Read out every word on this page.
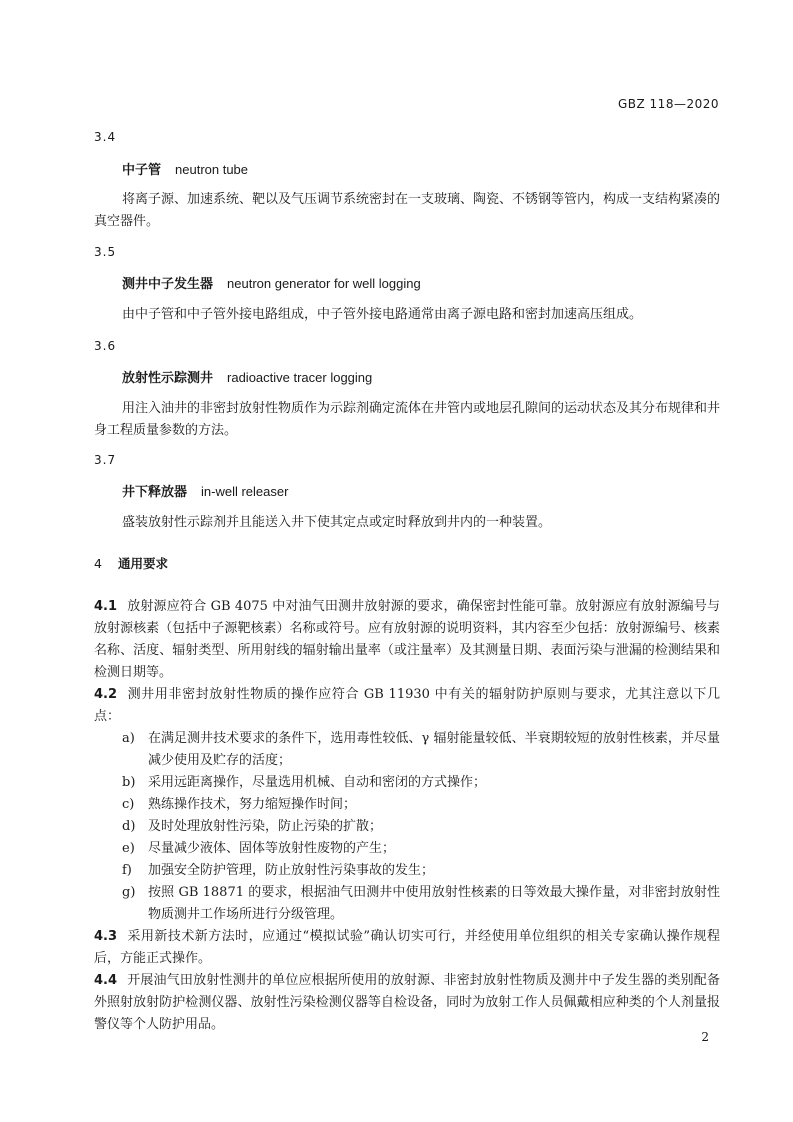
GBZ 118—2020
3.4
中子管 neutron tube
将离子源、加速系统、靶以及气压调节系统密封在一支玻璃、陶瓷、不锈钢等管内，构成一支结构紧凑的真空器件。
3.5
测井中子发生器 neutron generator for well logging
由中子管和中子管外接电路组成，中子管外接电路通常由离子源电路和密封加速高压组成。
3.6
放射性示踪测井 radioactive tracer logging
用注入油井的非密封放射性物质作为示踪剂确定流体在井管内或地层孔隙间的运动状态及其分布规律和井身工程质量参数的方法。
3.7
井下释放器 in-well releaser
盛装放射性示踪剂并且能送入井下使其定点或定时释放到井内的一种装置。
4 通用要求
4.1 放射源应符合 GB 4075 中对油气田测井放射源的要求，确保密封性能可靠。放射源应有放射源编号与放射源核素（包括中子源靶核素）名称或符号。应有放射源的说明资料，其内容至少包括：放射源编号、核素名称、活度、辐射类型、所用射线的辐射输出量率（或注量率）及其测量日期、表面污染与泄漏的检测结果和检测日期等。
4.2 测井用非密封放射性物质的操作应符合 GB 11930 中有关的辐射防护原则与要求，尤其注意以下几点：
a) 在满足测井技术要求的条件下，选用毒性较低、γ 辐射能量较低、半衰期较短的放射性核素，并尽量减少使用及贮存的活度；
b) 采用远距离操作，尽量选用机械、自动和密闭的方式操作；
c) 熟练操作技术，努力缩短操作时间；
d) 及时处理放射性污染，防止污染的扩散；
e) 尽量减少液体、固体等放射性废物的产生；
f) 加强安全防护管理，防止放射性污染事故的发生；
g) 按照 GB 18871 的要求，根据油气田测井中使用放射性核素的日等效最大操作量，对非密封放射性物质测井工作场所进行分级管理。
4.3 采用新技术新方法时，应通过“模拟试验”确认切实可行，并经使用单位组织的相关专家确认操作规程后，方能正式操作。
4.4 开展油气田放射性测井的单位应根据所使用的放射源、非密封放射性物质及测井中子发生器的类别配备外照射放射防护检测仪器、放射性污染检测仪器等自检设备，同时为放射工作人员佩戴相应种类的个人剂量报警仪等个人防护用品。
2
